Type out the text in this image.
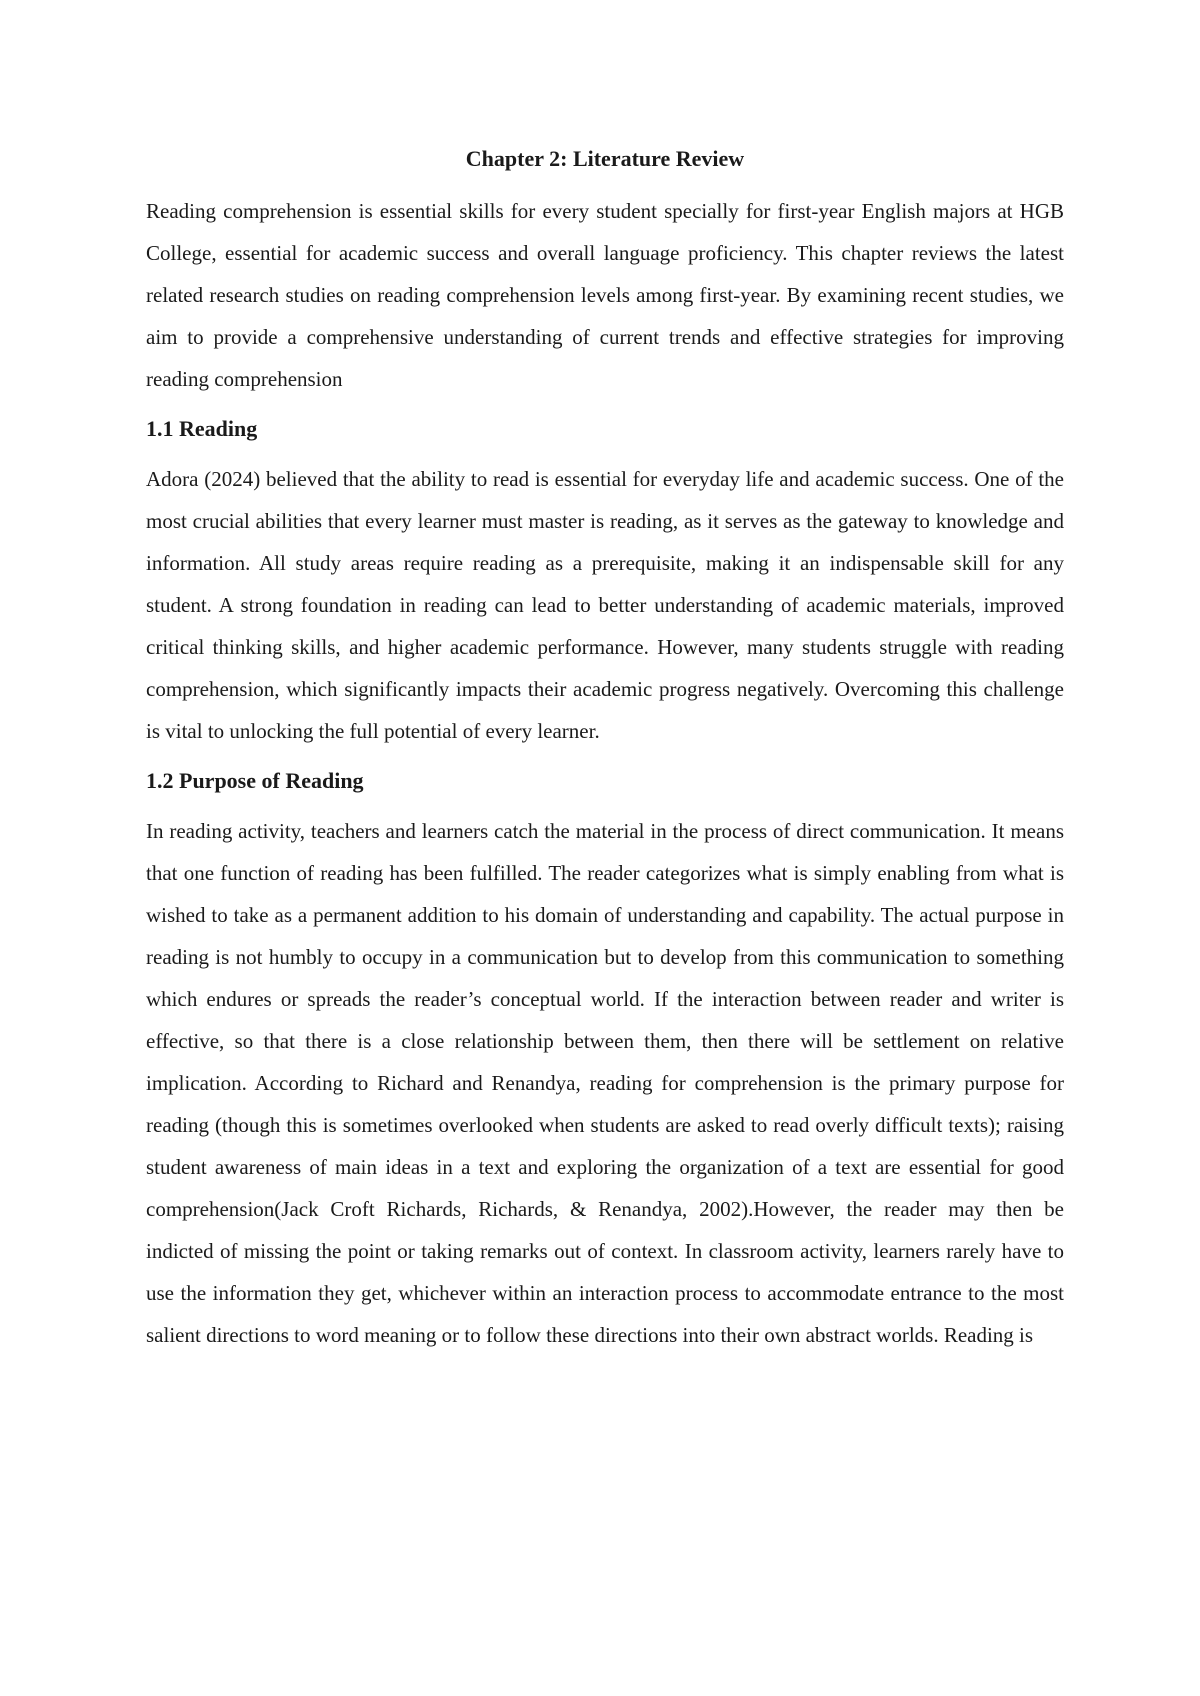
Chapter 2: Literature Review

Reading comprehension is essential skills for every student specially for first-year English majors at HGB College, essential for academic success and overall language proficiency. This chapter reviews the latest related research studies on reading comprehension levels among first-year. By examining recent studies, we aim to provide a comprehensive understanding of current trends and effective strategies for improving reading comprehension

1.1 Reading

Adora (2024) believed that the ability to read is essential for everyday life and academic success. One of the most crucial abilities that every learner must master is reading, as it serves as the gateway to knowledge and information. All study areas require reading as a prerequisite, making it an indispensable skill for any student. A strong foundation in reading can lead to better understanding of academic materials, improved critical thinking skills, and higher academic performance. However, many students struggle with reading comprehension, which significantly impacts their academic progress negatively. Overcoming this challenge is vital to unlocking the full potential of every learner.

1.2 Purpose of Reading

In reading activity, teachers and learners catch the material in the process of direct communication. It means that one function of reading has been fulfilled. The reader categorizes what is simply enabling from what is wished to take as a permanent addition to his domain of understanding and capability. The actual purpose in reading is not humbly to occupy in a communication but to develop from this communication to something which endures or spreads the reader’s conceptual world. If the interaction between reader and writer is effective, so that there is a close relationship between them, then there will be settlement on relative implication. According to Richard and Renandya, reading for comprehension is the primary purpose for reading (though this is sometimes overlooked when students are asked to read overly difficult texts); raising student awareness of main ideas in a text and exploring the organization of a text are essential for good comprehension(Jack Croft Richards, Richards, & Renandya, 2002).However, the reader may then be indicted of missing the point or taking remarks out of context. In classroom activity, learners rarely have to use the information they get, whichever within an interaction process to accommodate entrance to the most salient directions to word meaning or to follow these directions into their own abstract worlds. Reading is
